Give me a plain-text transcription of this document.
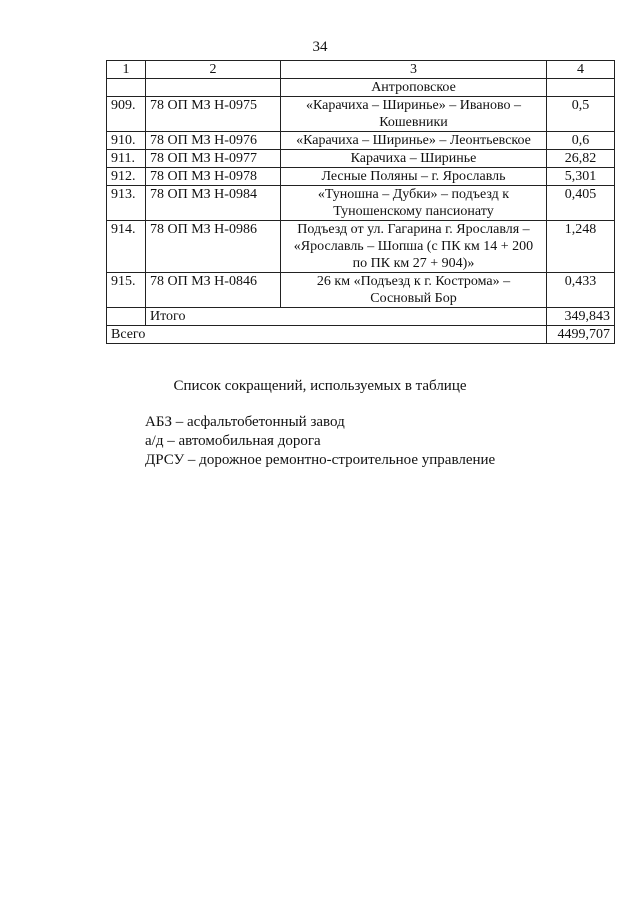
34
1	2	3	4
		Антроповское	
909.	78 ОП МЗ Н-0975	«Карачиха – Ширинье» – Иваново – Кошевники	0,5
910.	78 ОП МЗ Н-0976	«Карачиха – Ширинье» – Леонтьевское	0,6
911.	78 ОП МЗ Н-0977	Карачиха – Ширинье	26,82
912.	78 ОП МЗ Н-0978	Лесные Поляны – г. Ярославль	5,301
913.	78 ОП МЗ Н-0984	«Туношна – Дубки» – подъезд к Туношенскому пансионату	0,405
914.	78 ОП МЗ Н-0986	Подъезд от ул. Гагарина г. Ярославля – «Ярославль – Шопша (с ПК км 14 + 200 по ПК км 27 + 904)»	1,248
915.	78 ОП МЗ Н-0846	26 км «Подъезд к г. Кострома» – Сосновый Бор	0,433
	Итого		349,843
Всего			4499,707
Список сокращений, используемых в таблице
АБЗ – асфальтобетонный завод
а/д – автомобильная дорога
ДРСУ – дорожное ремонтно-строительное управление
